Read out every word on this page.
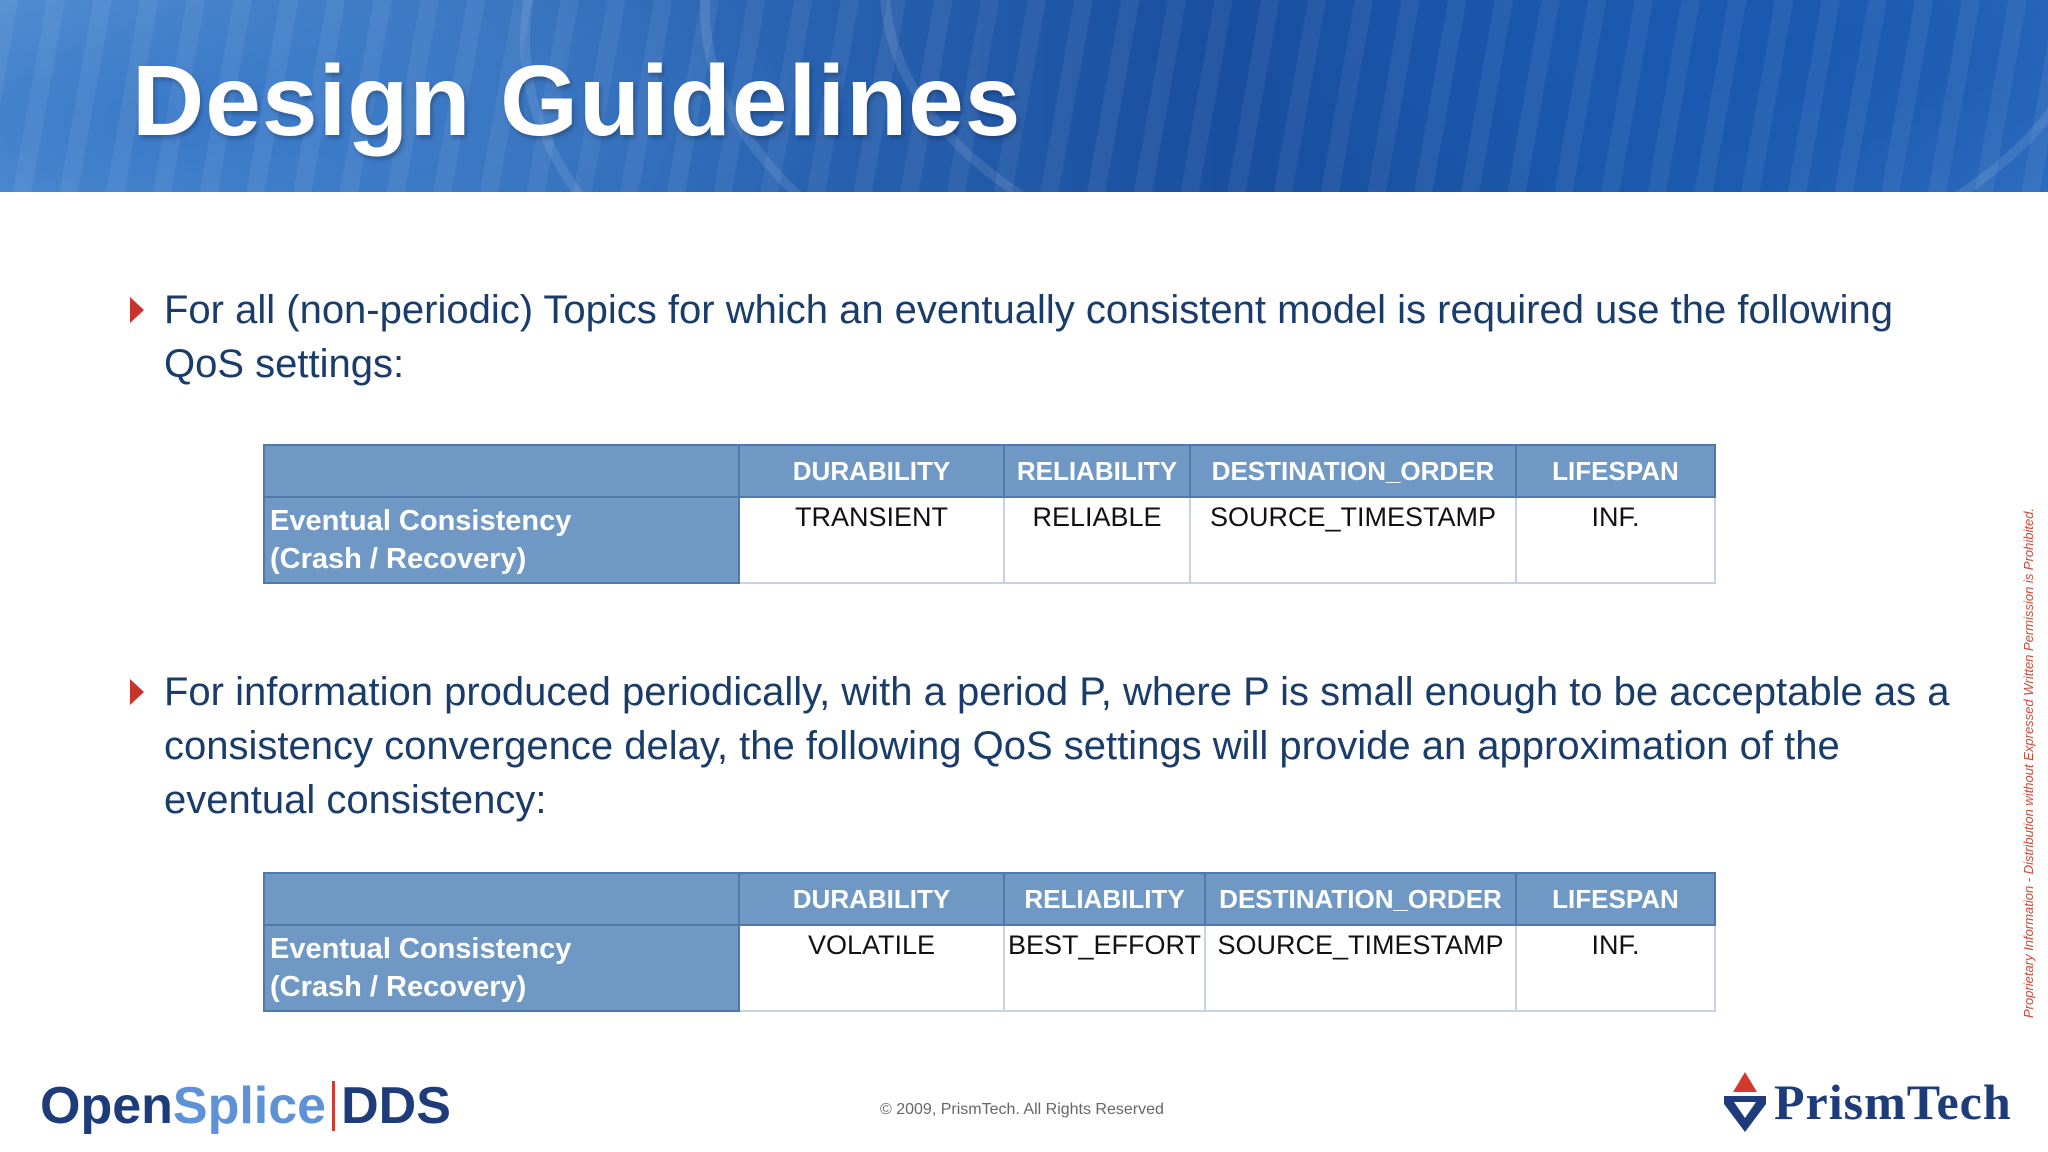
Design Guidelines
For all (non-periodic) Topics for which an eventually consistent model is required use the following QoS settings:
	DURABILITY	RELIABILITY	DESTINATION_ORDER	LIFESPAN

Eventual Consistency
(Crash / Recovery)	TRANSIENT	RELIABLE	SOURCE_TIMESTAMP	INF.
For information produced periodically, with a period P, where P is small enough to be acceptable as a consistency convergence delay, the following QoS settings will provide an approximation of the eventual consistency:
	DURABILITY	RELIABILITY	DESTINATION_ORDER	LIFESPAN

Eventual Consistency
(Crash / Recovery)	VOLATILE	BEST_EFFORT	SOURCE_TIMESTAMP	INF.
Open Splice DDS	© 2009, PrismTech. All Rights Reserved	PrismTech
Proprietary Information - Distribution without Expressed Written Permission is Prohibited.
